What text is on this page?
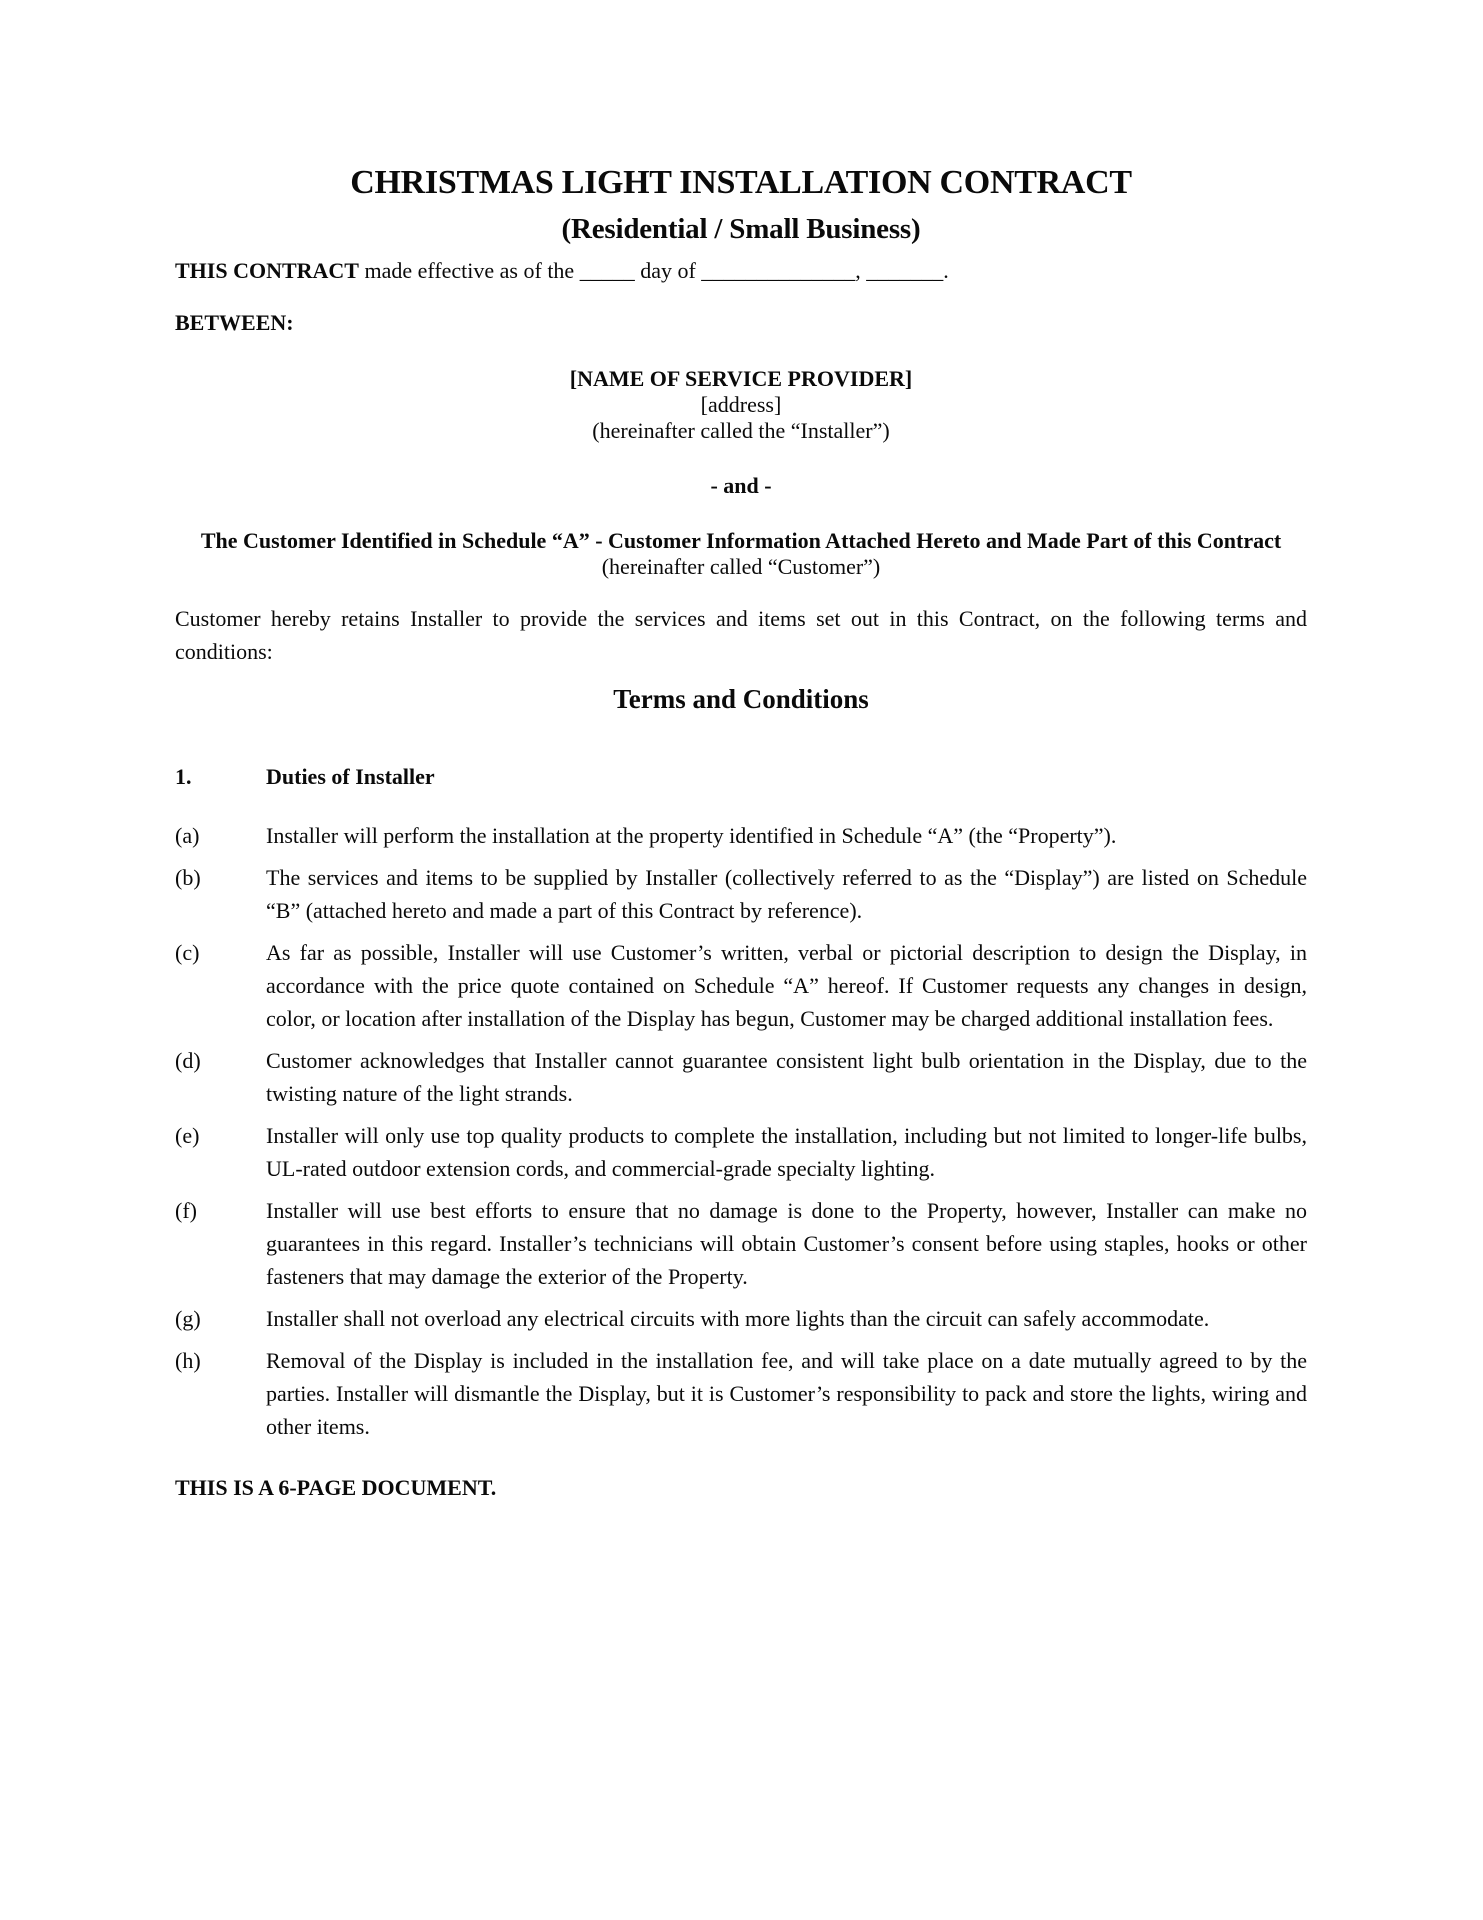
CHRISTMAS LIGHT INSTALLATION CONTRACT
(Residential / Small Business)

THIS CONTRACT made effective as of the _____ day of ______________, _______.

BETWEEN:

[NAME OF SERVICE PROVIDER]
[address]
(hereinafter called the “Installer”)
- and -
The Customer Identified in Schedule “A” - Customer Information Attached Hereto and Made Part of this Contract
(hereinafter called “Customer”)

Customer hereby retains Installer to provide the services and items set out in this Contract, on the following terms and conditions:

Terms and Conditions
1.	Duties of Installer
(a)	Installer will perform the installation at the property identified in Schedule “A” (the “Property”).

(b)	The services and items to be supplied by Installer (collectively referred to as the “Display”) are listed on Schedule “B” (attached hereto and made a part of this Contract by reference).

(c)	As far as possible, Installer will use Customer’s written, verbal or pictorial description to design the Display, in accordance with the price quote contained on Schedule “A” hereof. If Customer requests any changes in design, color, or location after installation of the Display has begun, Customer may be charged additional installation fees.

(d)	Customer acknowledges that Installer cannot guarantee consistent light bulb orientation in the Display, due to the twisting nature of the light strands.

(e)	Installer will only use top quality products to complete the installation, including but not limited to longer-life bulbs, UL-rated outdoor extension cords, and commercial-grade specialty lighting.

(f)	Installer will use best efforts to ensure that no damage is done to the Property, however, Installer can make no guarantees in this regard. Installer’s technicians will obtain Customer’s consent before using staples, hooks or other fasteners that may damage the exterior of the Property.

(g)	Installer shall not overload any electrical circuits with more lights than the circuit can safely accommodate.

(h)	Removal of the Display is included in the installation fee, and will take place on a date mutually agreed to by the parties. Installer will dismantle the Display, but it is Customer’s responsibility to pack and store the lights, wiring and other items.

THIS IS A 6-PAGE DOCUMENT.
